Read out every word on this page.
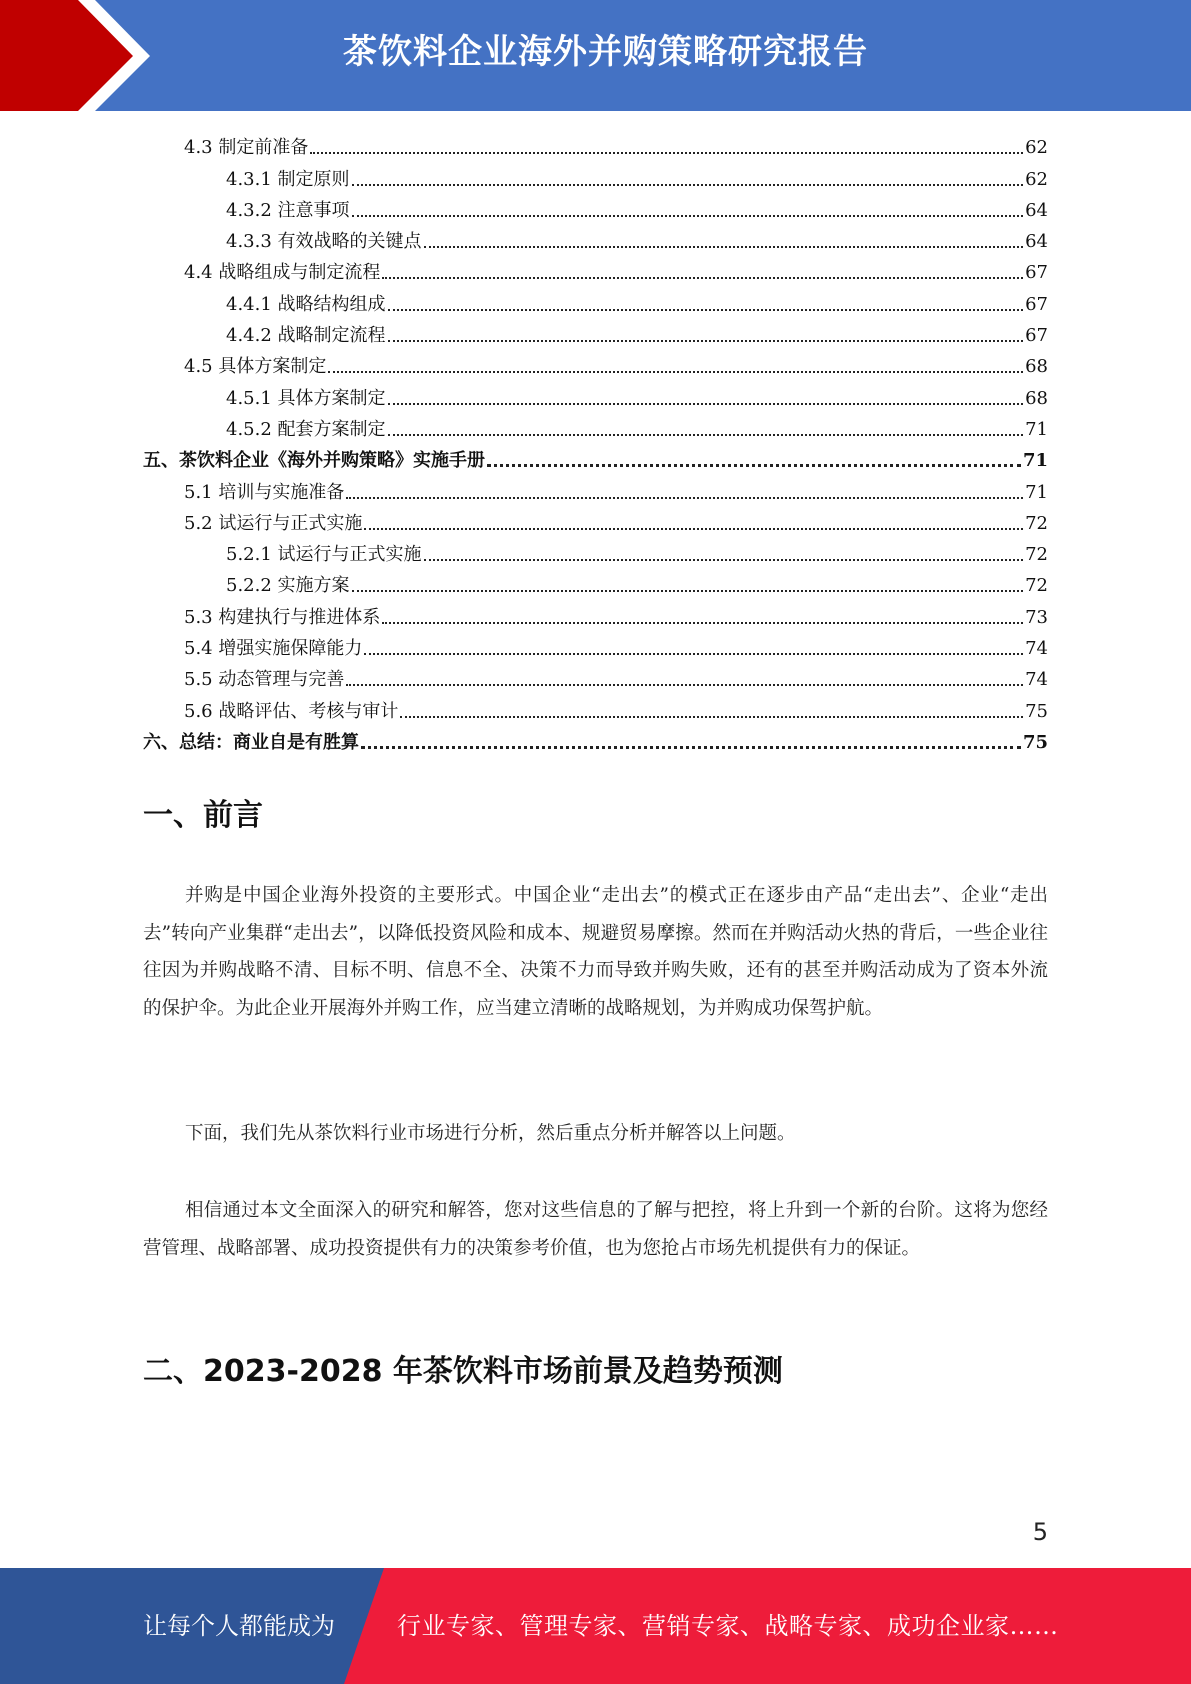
茶饮料企业海外并购策略研究报告
4.3 制定前准备	62
4.3.1 制定原则	62
4.3.2 注意事项	64
4.3.3 有效战略的关键点	64
4.4 战略组成与制定流程	67
4.4.1 战略结构组成	67
4.4.2 战略制定流程	67
4.5 具体方案制定	68
4.5.1 具体方案制定	68
4.5.2 配套方案制定	71
五、茶饮料企业《海外并购策略》实施手册	71
5.1 培训与实施准备	71
5.2 试运行与正式实施	72
5.2.1 试运行与正式实施	72
5.2.2 实施方案	72
5.3 构建执行与推进体系	73
5.4 增强实施保障能力	74
5.5 动态管理与完善	74
5.6 战略评估、考核与审计	75
六、总结：商业自是有胜算	75
一、前言

并购是中国企业海外投资的主要形式。中国企业“走出去”的模式正在逐步由产品“走出去”、企业“走出去”转向产业集群“走出去”，以降低投资风险和成本、规避贸易摩擦。然而在并购活动火热的背后，一些企业往往因为并购战略不清、目标不明、信息不全、决策不力而导致并购失败，还有的甚至并购活动成为了资本外流的保护伞。为此企业开展海外并购工作，应当建立清晰的战略规划，为并购成功保驾护航。

下面，我们先从茶饮料行业市场进行分析，然后重点分析并解答以上问题。

相信通过本文全面深入的研究和解答，您对这些信息的了解与把控，将上升到一个新的台阶。这将为您经营管理、战略部署、成功投资提供有力的决策参考价值，也为您抢占市场先机提供有力的保证。

二、2023-2028 年茶饮料市场前景及趋势预测
5
让每个人都能成为	行业专家、管理专家、营销专家、战略专家、成功企业家……
